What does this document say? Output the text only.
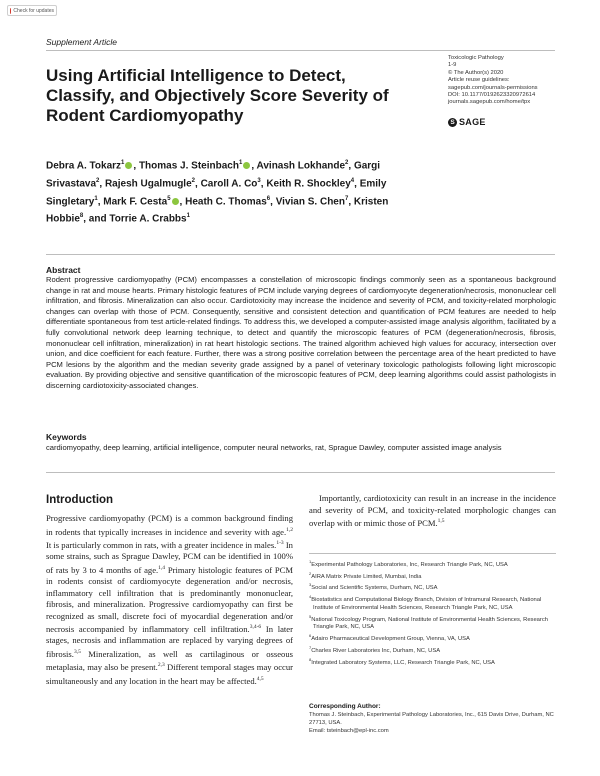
Check for updates
Supplement Article
Toxicologic Pathology
1-9
© The Author(s) 2020
Article reuse guidelines:
sagepub.com/journals-permissions
DOI: 10.1177/0192623320972614
journals.sagepub.com/home/tpx
S SAGE
Using Artificial Intelligence to Detect, Classify, and Objectively Score Severity of Rodent Cardiomyopathy
Debra A. Tokarz$^1$ , Thomas J. Steinbach$^1$ , Avinash Lokhande$^2$, Gargi Srivastava$^2$, Rajesh Ugalmugle$^2$, Caroll A. Co$^3$, Keith R. Shockley$^4$, Emily Singletary$^1$, Mark F. Cesta$^5$ , Heath C. Thomas$^6$, Vivian S. Chen$^7$, Kristen Hobbie$^8$, and Torrie A. Crabbs$^1$
Abstract

Rodent progressive cardiomyopathy (PCM) encompasses a constellation of microscopic findings commonly seen as a spontaneous background change in rat and mouse hearts. Primary histologic features of PCM include varying degrees of cardiomyocyte degeneration/necrosis, mononuclear cell infiltration, and fibrosis. Mineralization can also occur. Cardiotoxicity may increase the incidence and severity of PCM, and toxicity-related morphologic changes can overlap with those of PCM. Consequently, sensitive and consistent detection and quantification of PCM features are needed to help differentiate spontaneous from test article-related findings. To address this, we developed a computer-assisted image analysis algorithm, facilitated by a fully convolutional network deep learning technique, to detect and quantify the microscopic features of PCM (degeneration/necrosis, fibrosis, mononuclear cell infiltration, mineralization) in rat heart histologic sections. The trained algorithm achieved high values for accuracy, intersection over union, and dice coefficient for each feature. Further, there was a strong positive correlation between the percentage area of the heart predicted to have PCM lesions by the algorithm and the median severity grade assigned by a panel of veterinary toxicologic pathologists following light microscopic evaluation. By providing objective and sensitive quantification of the microscopic features of PCM, deep learning algorithms could assist pathologists in discerning cardiotoxicity-associated changes.

Keywords

cardiomyopathy, deep learning, artificial intelligence, computer neural networks, rat, Sprague Dawley, computer assisted image analysis

Introduction

Progressive cardiomyopathy (PCM) is a common background finding in rodents that typically increases in incidence and severity with age.$^{1,2}$ It is particularly common in rats, with a greater incidence in males.$^{1-3}$ In some strains, such as Sprague Dawley, PCM can be identified in 100% of rats by 3 to 4 months of age.$^{1,4}$ Primary histologic features of PCM in rodents consist of cardiomyocyte degeneration and/or necrosis, inflammatory cell infiltration that is predominantly mononuclear, fibrosis, and mineralization. Progressive cardiomyopathy can first be recognized as small, discrete foci of myocardial degeneration and/or necrosis accompanied by inflammatory cell infiltration.$^{3,4-6}$ In later stages, necrosis and inflammation are replaced by varying degrees of fibrosis.$^{3,5}$ Mineralization, as well as cartilaginous or osseous metaplasia, may also be present.$^{2,3}$ Different temporal stages may occur simultaneously and any location in the heart may be affected.$^{4,5}$

Importantly, cardiotoxicity can result in an increase in the incidence and severity of PCM, and toxicity-related morphologic changes can overlap with or mimic those of PCM.$^{1,5}$

$^1$Experimental Pathology Laboratories, Inc, Research Triangle Park, NC, USA
$^2$AIRA Matrix Private Limited, Mumbai, India
$^3$Social and Scientific Systems, Durham, NC, USA
$^4$Biostatistics and Computational Biology Branch, Division of Intramural Research, National Institute of Environmental Health Sciences, Research Triangle Park, NC, USA
$^5$National Toxicology Program, National Institute of Environmental Health Sciences, Research Triangle Park, NC, USA
$^6$Adairo Pharmaceutical Development Group, Vienna, VA, USA
$^7$Charles River Laboratories Inc, Durham, NC, USA
$^8$Integrated Laboratory Systems, LLC, Research Triangle Park, NC, USA
Corresponding Author:
Thomas J. Steinbach, Experimental Pathology Laboratories, Inc., 615 Davis Drive, Durham, NC 27713, USA.
Email: tsteinbach@epl-inc.com
